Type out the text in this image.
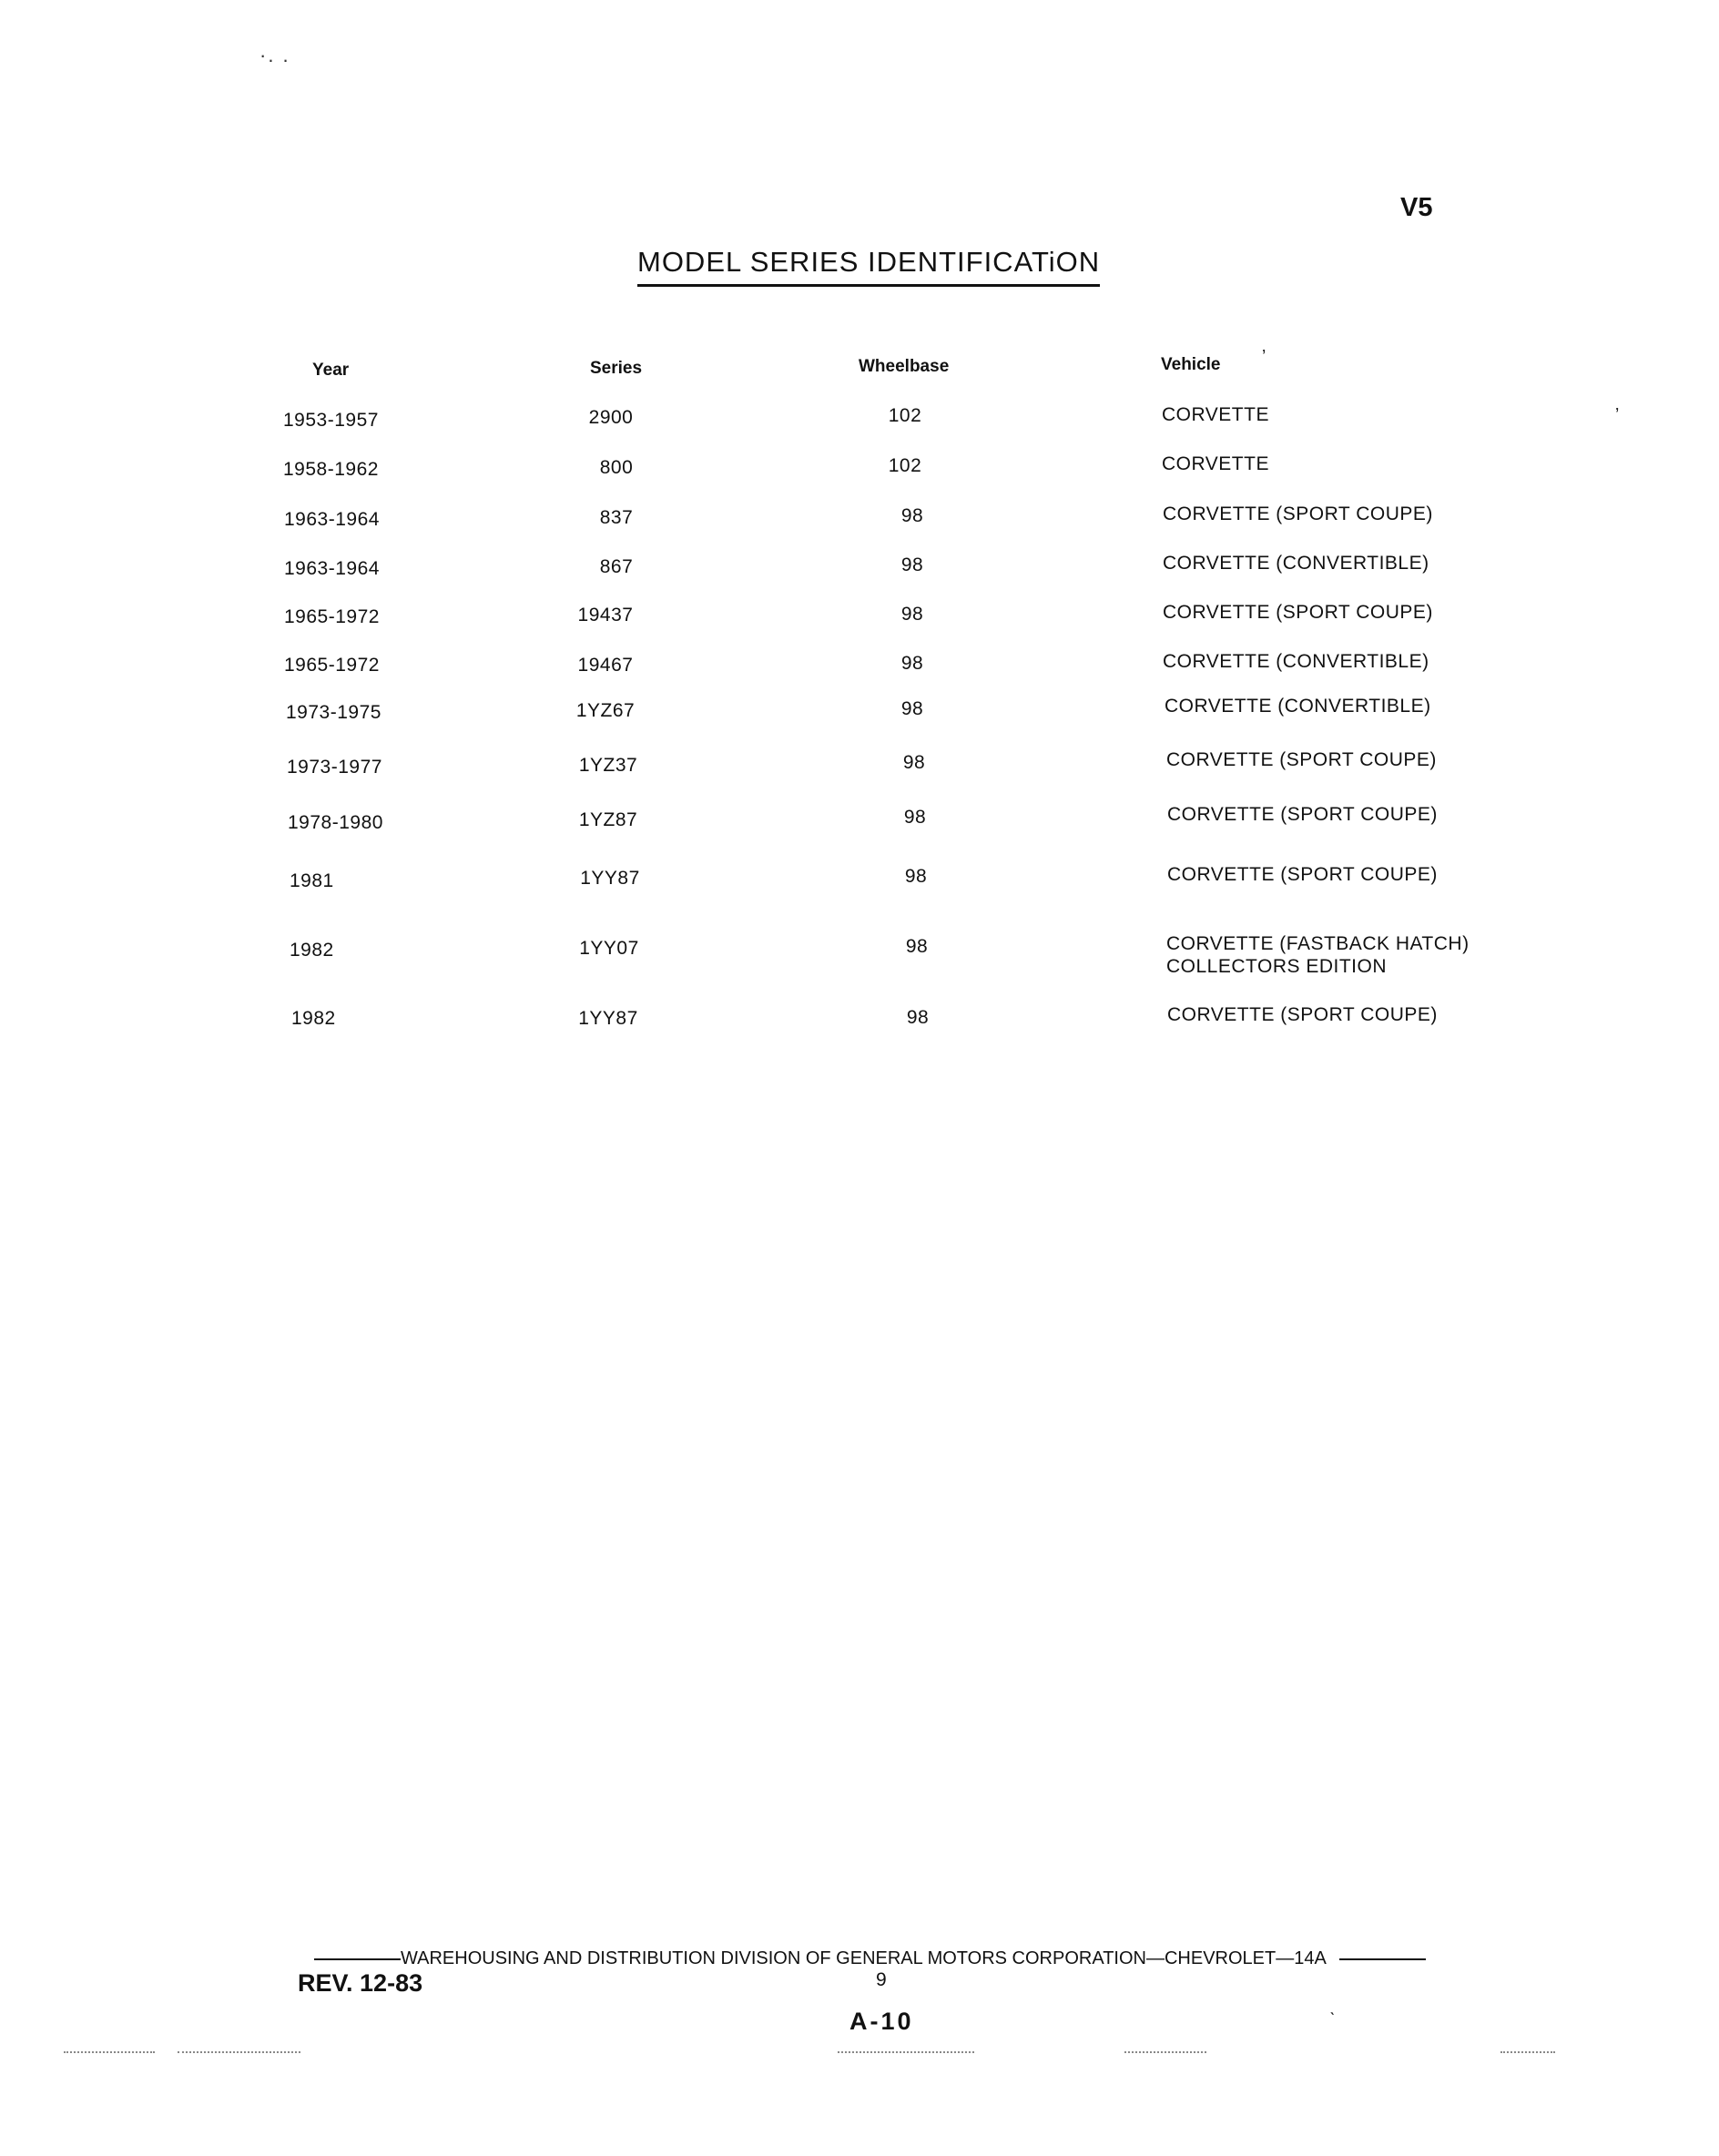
·. .
V5
MODEL SERIES IDENTIFICATiON
Year	Series	Wheelbase	Vehicle
1953-1957	2900	102	CORVETTE
1958-1962	800	102	CORVETTE
1963-1964	837	98	CORVETTE (SPORT COUPE)
1963-1964	867	98	CORVETTE (CONVERTIBLE)
1965-1972	19437	98	CORVETTE (SPORT COUPE)
1965-1972	19467	98	CORVETTE (CONVERTIBLE)
1973-1975	1YZ67	98	CORVETTE (CONVERTIBLE)
1973-1977	1YZ37	98	CORVETTE (SPORT COUPE)
1978-1980	1YZ87	98	CORVETTE (SPORT COUPE)
1981	1YY87	98	CORVETTE (SPORT COUPE)
1982	1YY07	98	CORVETTE (FASTBACK HATCH)
COLLECTORS EDITION
1982	1YY87	98	CORVETTE (SPORT COUPE)
ʼ
ʼ
ˋ
WAREHOUSING AND DISTRIBUTION DIVISION OF GENERAL MOTORS CORPORATION—CHEVROLET—14A
REV. 12-83	9
A-10
